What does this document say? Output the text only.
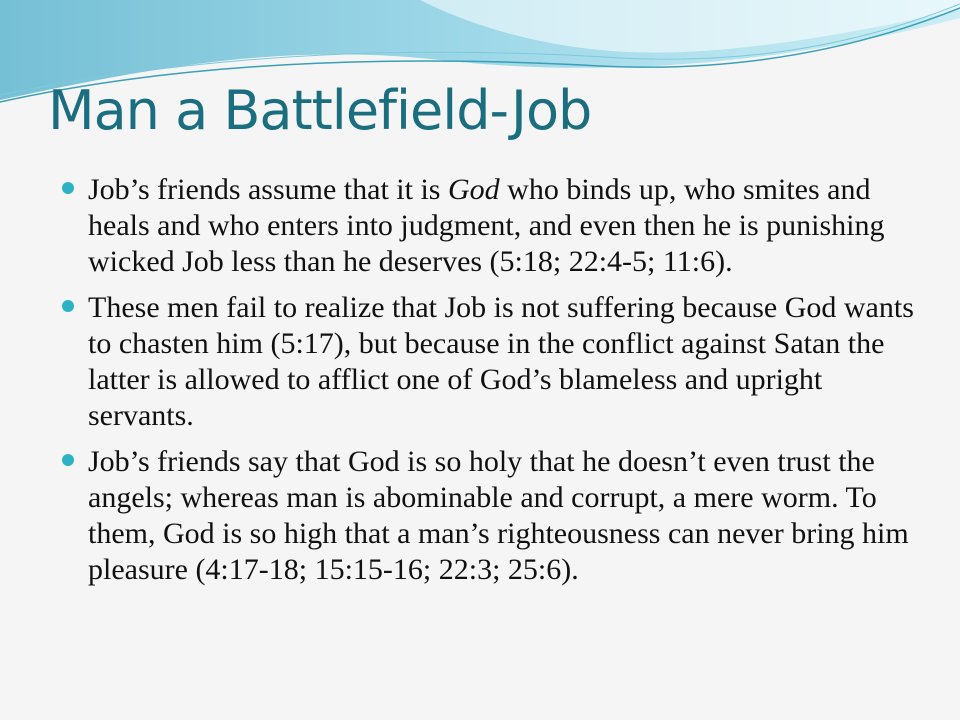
Man a Battlefield-Job
Job’s friends assume that it is God who binds up, who smites and heals and who enters into judgment, and even then he is punishing wicked Job less than he deserves (5:18; 22:4-5; 11:6).
These men fail to realize that Job is not suffering because God wants to chasten him (5:17), but because in the conflict against Satan the latter is allowed to afflict one of God’s blameless and upright servants.
Job’s friends say that God is so holy that he doesn’t even trust the angels; whereas man is abominable and corrupt, a mere worm. To them, God is so high that a man’s righteousness can never bring him pleasure (4:17-18; 15:15-16; 22:3; 25:6).
